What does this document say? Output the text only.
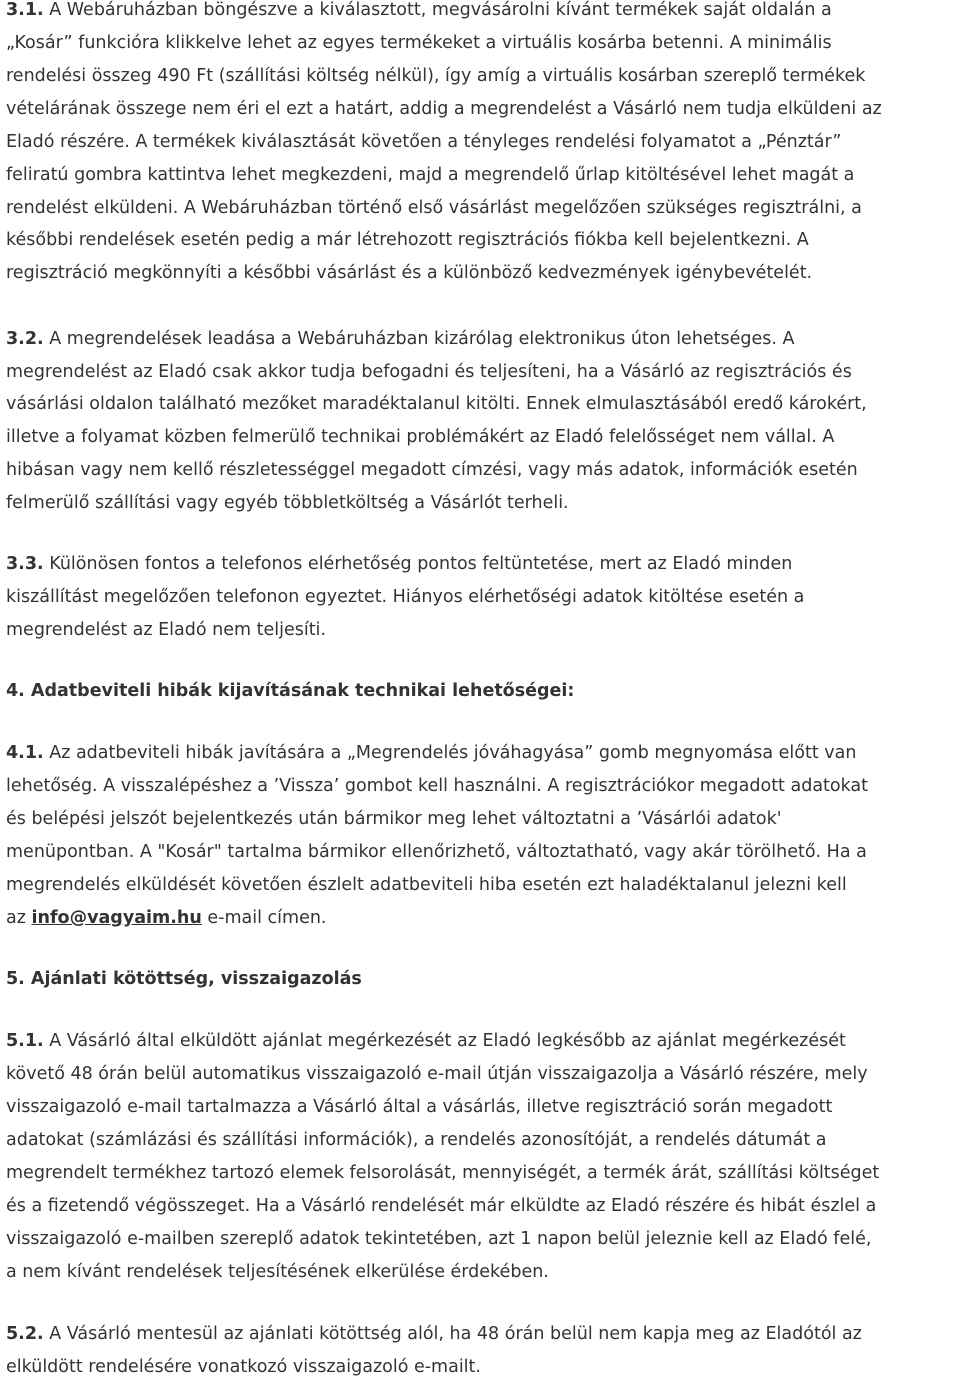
3.1. A Webáruházban böngészve a kiválasztott, megvásárolni kívánt termékek saját oldalán a
„Kosár” funkcióra klikkelve lehet az egyes termékeket a virtuális kosárba betenni. A minimális
rendelési összeg 490 Ft (szállítási költség nélkül), így amíg a virtuális kosárban szereplő termékek
vételárának összege nem éri el ezt a határt, addig a megrendelést a Vásárló nem tudja elküldeni az
Eladó részére. A termékek kiválasztását követően a tényleges rendelési folyamatot a „Pénztár”
feliratú gombra kattintva lehet megkezdeni, majd a megrendelő űrlap kitöltésével lehet magát a
rendelést elküldeni. A Webáruházban történő első vásárlást megelőzően szükséges regisztrálni, a
későbbi rendelések esetén pedig a már létrehozott regisztrációs fiókba kell bejelentkezni. A
regisztráció megkönnyíti a későbbi vásárlást és a különböző kedvezmények igénybevételét.
3.2. A megrendelések leadása a Webáruházban kizárólag elektronikus úton lehetséges. A
megrendelést az Eladó csak akkor tudja befogadni és teljesíteni, ha a Vásárló az regisztrációs és
vásárlási oldalon található mezőket maradéktalanul kitölti. Ennek elmulasztásából eredő károkért,
illetve a folyamat közben felmerülő technikai problémákért az Eladó felelősséget nem vállal. A
hibásan vagy nem kellő részletességgel megadott címzési, vagy más adatok, információk esetén
felmerülő szállítási vagy egyéb többletköltség a Vásárlót terheli.
3.3. Különösen fontos a telefonos elérhetőség pontos feltüntetése, mert az Eladó minden
kiszállítást megelőzően telefonon egyeztet. Hiányos elérhetőségi adatok kitöltése esetén a
megrendelést az Eladó nem teljesíti.
4. Adatbeviteli hibák kijavításának technikai lehetőségei:
4.1. Az adatbeviteli hibák javítására a „Megrendelés jóváhagyása” gomb megnyomása előtt van
lehetőség. A visszalépéshez a ’Vissza’ gombot kell használni. A regisztrációkor megadott adatokat
és belépési jelszót bejelentkezés után bármikor meg lehet változtatni a ’Vásárlói adatok'
menüpontban. A "Kosár" tartalma bármikor ellenőrizhető, változtatható, vagy akár törölhető. Ha a
megrendelés elküldését követően észlelt adatbeviteli hiba esetén ezt haladéktalanul jelezni kell
az info@vagyaim.hu e-mail címen.
5. Ajánlati kötöttség, visszaigazolás
5.1. A Vásárló által elküldött ajánlat megérkezését az Eladó legkésőbb az ajánlat megérkezését
követő 48 órán belül automatikus visszaigazoló e-mail útján visszaigazolja a Vásárló részére, mely
visszaigazoló e-mail tartalmazza a Vásárló által a vásárlás, illetve regisztráció során megadott
adatokat (számlázási és szállítási információk), a rendelés azonosítóját, a rendelés dátumát a
megrendelt termékhez tartozó elemek felsorolását, mennyiségét, a termék árát, szállítási költséget
és a fizetendő végösszeget. Ha a Vásárló rendelését már elküldte az Eladó részére és hibát észlel a
visszaigazoló e-mailben szereplő adatok tekintetében, azt 1 napon belül jeleznie kell az Eladó felé,
a nem kívánt rendelések teljesítésének elkerülése érdekében.
5.2. A Vásárló mentesül az ajánlati kötöttség alól, ha 48 órán belül nem kapja meg az Eladótól az
elküldött rendelésére vonatkozó visszaigazoló e-mailt.
